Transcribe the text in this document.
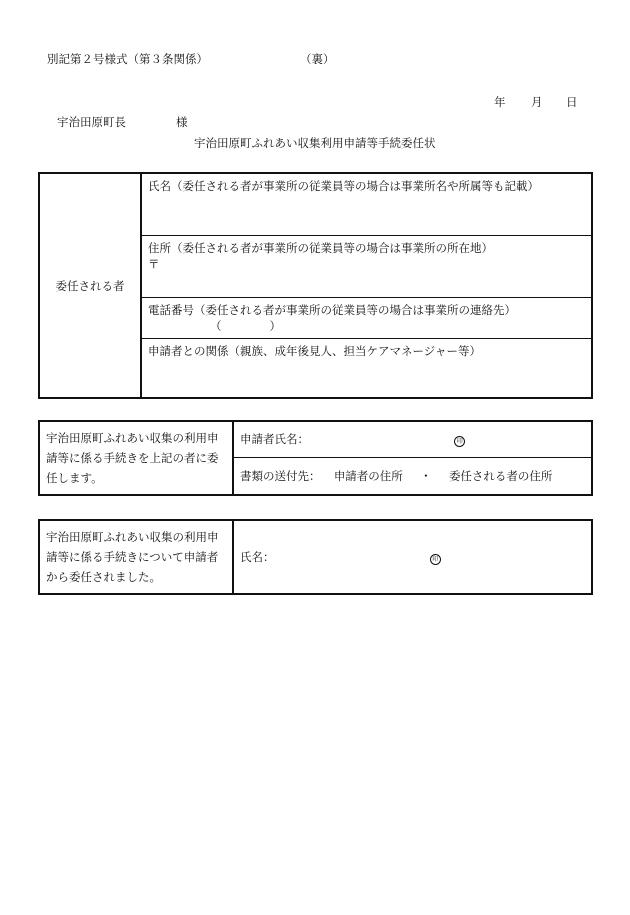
別記第２号様式（第３条関係）	（裏）
年 月 日
宇治田原町長	様
宇治田原町ふれあい収集利用申請等手続委任状
委任される者	
氏名（委任される者が事業所の従業員等の場合は事業所名や所属等も記載）

住所（委任される者が事業所の従業員等の場合は事業所の所在地）
〒

電話番号（委任される者が事業所の従業員等の場合は事業所の連絡先）
（	）

申請者との関係（親族、成年後見人、担当ケアマネージャー等）
宇治田原町ふれあい収集の利用申請等に係る手続きを上記の者に委任します。	
申請者氏名：	印

書類の送付先： 申請者の住所 ・ 委任される者の住所
宇治田原町ふれあい収集の利用申請等に係る手続きについて申請者から委任されました。	
氏名：	印
